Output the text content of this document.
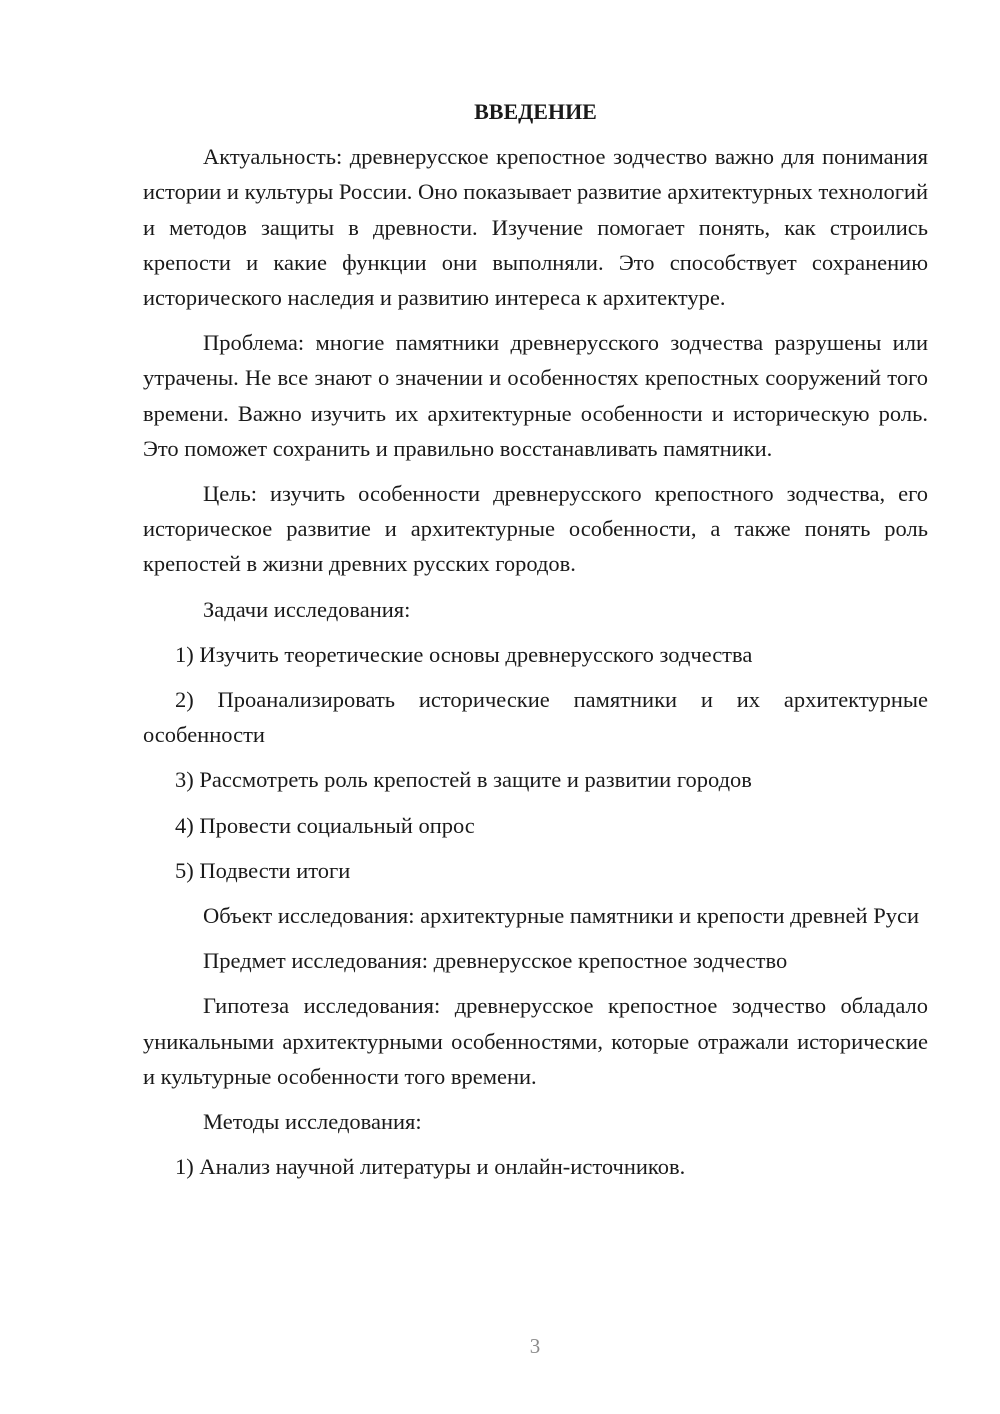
ВВЕДЕНИЕ

Актуальность: древнерусское крепостное зодчество важно для понимания истории и культуры России. Оно показывает развитие архитектурных технологий и методов защиты в древности. Изучение помогает понять, как строились крепости и какие функции они выполняли. Это способствует сохранению исторического наследия и развитию интереса к архитектуре.

Проблема: многие памятники древнерусского зодчества разрушены или утрачены. Не все знают о значении и особенностях крепостных сооружений того времени. Важно изучить их архитектурные особенности и историческую роль. Это поможет сохранить и правильно восстанавливать памятники.

Цель: изучить особенности древнерусского крепостного зодчества, его историческое развитие и архитектурные особенности, а также понять роль крепостей в жизни древних русских городов.

Задачи исследования:

1) Изучить теоретические основы древнерусского зодчества

2) Проанализировать исторические памятники и их архитектурные особенности

3) Рассмотреть роль крепостей в защите и развитии городов

4) Провести социальный опрос

5) Подвести итоги

Объект исследования: архитектурные памятники и крепости древней Руси

Предмет исследования: древнерусское крепостное зодчество

Гипотеза исследования: древнерусское крепостное зодчество обладало уникальными архитектурными особенностями, которые отражали исторические и культурные особенности того времени.

Методы исследования:

1) Анализ научной литературы и онлайн-источников.

3
